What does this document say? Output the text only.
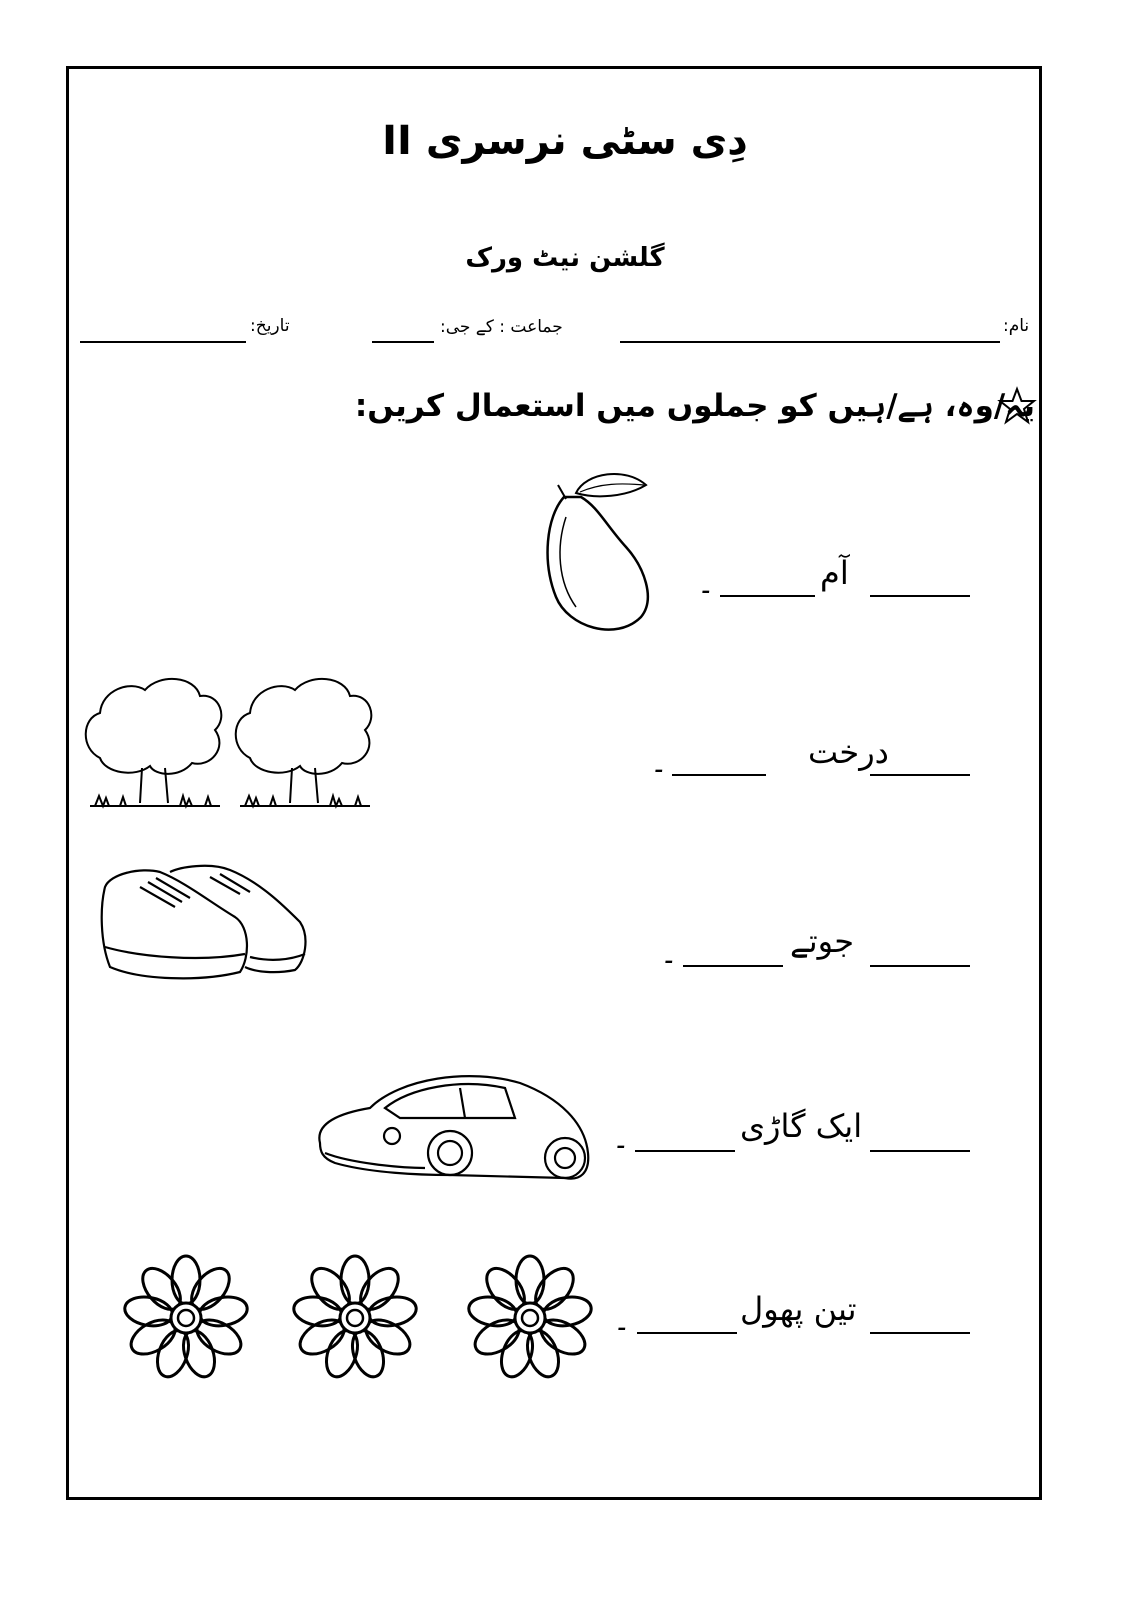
دِی سٹی نرسری II
گلشن نیٹ ورک
نام:
جماعت : کے جی:
تاریخ:
یہ/وہ، ہے/ہیں کو جملوں میں استعمال کریں:
آم
۔
درخت
۔
جوتے
۔
ایک گاڑی
۔
تین پھول
۔
